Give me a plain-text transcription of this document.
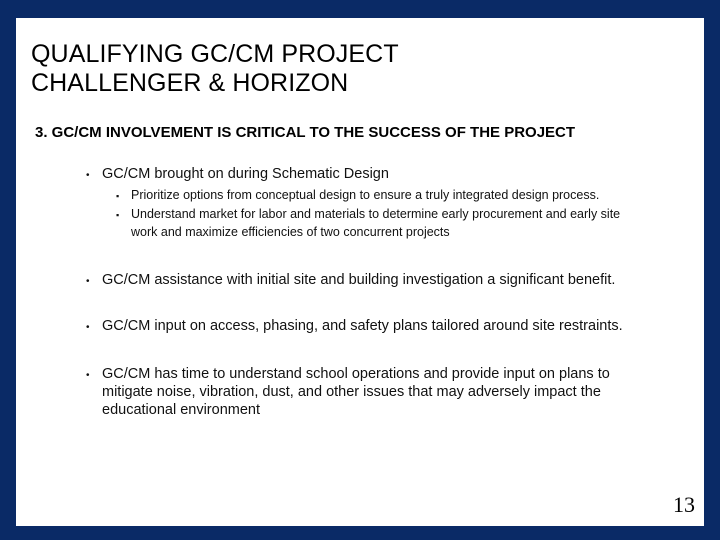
QUALIFYING GC/CM PROJECT
CHALLENGER & HORIZON
3. GC/CM INVOLVEMENT IS CRITICAL TO THE SUCCESS OF THE PROJECT
• GC/CM brought on during Schematic Design
▪ Prioritize options from conceptual design to ensure a truly integrated design process.
▪ Understand market for labor and materials to determine early procurement and early site work and maximize efficiencies of two concurrent projects
• GC/CM assistance with initial site and building investigation a significant benefit.
• GC/CM input on access, phasing, and safety plans tailored around site restraints.
• GC/CM has time to understand school operations and provide input on plans to mitigate noise, vibration, dust, and other issues that may adversely impact the educational environment
13
